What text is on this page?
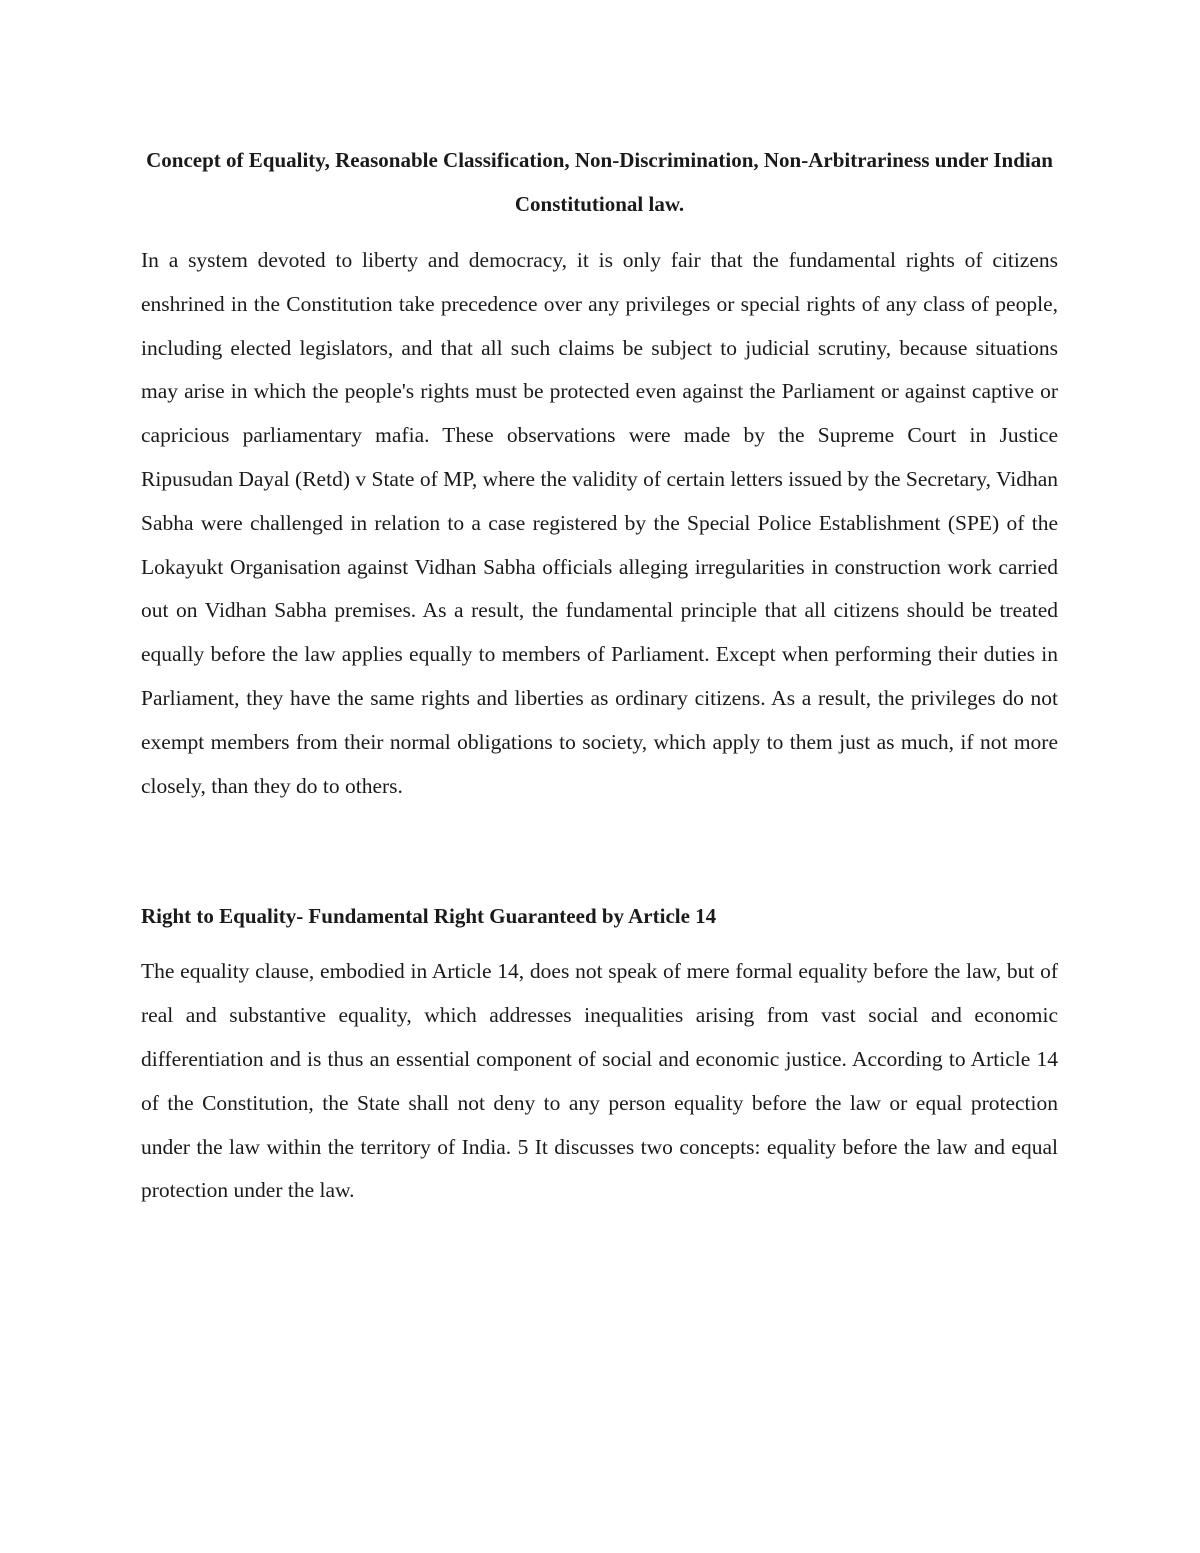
Concept of Equality, Reasonable Classification, Non-Discrimination, Non-Arbitrariness under Indian Constitutional law.

In a system devoted to liberty and democracy, it is only fair that the fundamental rights of citizens enshrined in the Constitution take precedence over any privileges or special rights of any class of people, including elected legislators, and that all such claims be subject to judicial scrutiny, because situations may arise in which the people's rights must be protected even against the Parliament or against captive or capricious parliamentary mafia. These observations were made by the Supreme Court in Justice Ripusudan Dayal (Retd) v State of MP, where the validity of certain letters issued by the Secretary, Vidhan Sabha were challenged in relation to a case registered by the Special Police Establishment (SPE) of the Lokayukt Organisation against Vidhan Sabha officials alleging irregularities in construction work carried out on Vidhan Sabha premises. As a result, the fundamental principle that all citizens should be treated equally before the law applies equally to members of Parliament. Except when performing their duties in Parliament, they have the same rights and liberties as ordinary citizens. As a result, the privileges do not exempt members from their normal obligations to society, which apply to them just as much, if not more closely, than they do to others.

Right to Equality- Fundamental Right Guaranteed by Article 14

The equality clause, embodied in Article 14, does not speak of mere formal equality before the law, but of real and substantive equality, which addresses inequalities arising from vast social and economic differentiation and is thus an essential component of social and economic justice. According to Article 14 of the Constitution, the State shall not deny to any person equality before the law or equal protection under the law within the territory of India. 5 It discusses two concepts: equality before the law and equal protection under the law.
